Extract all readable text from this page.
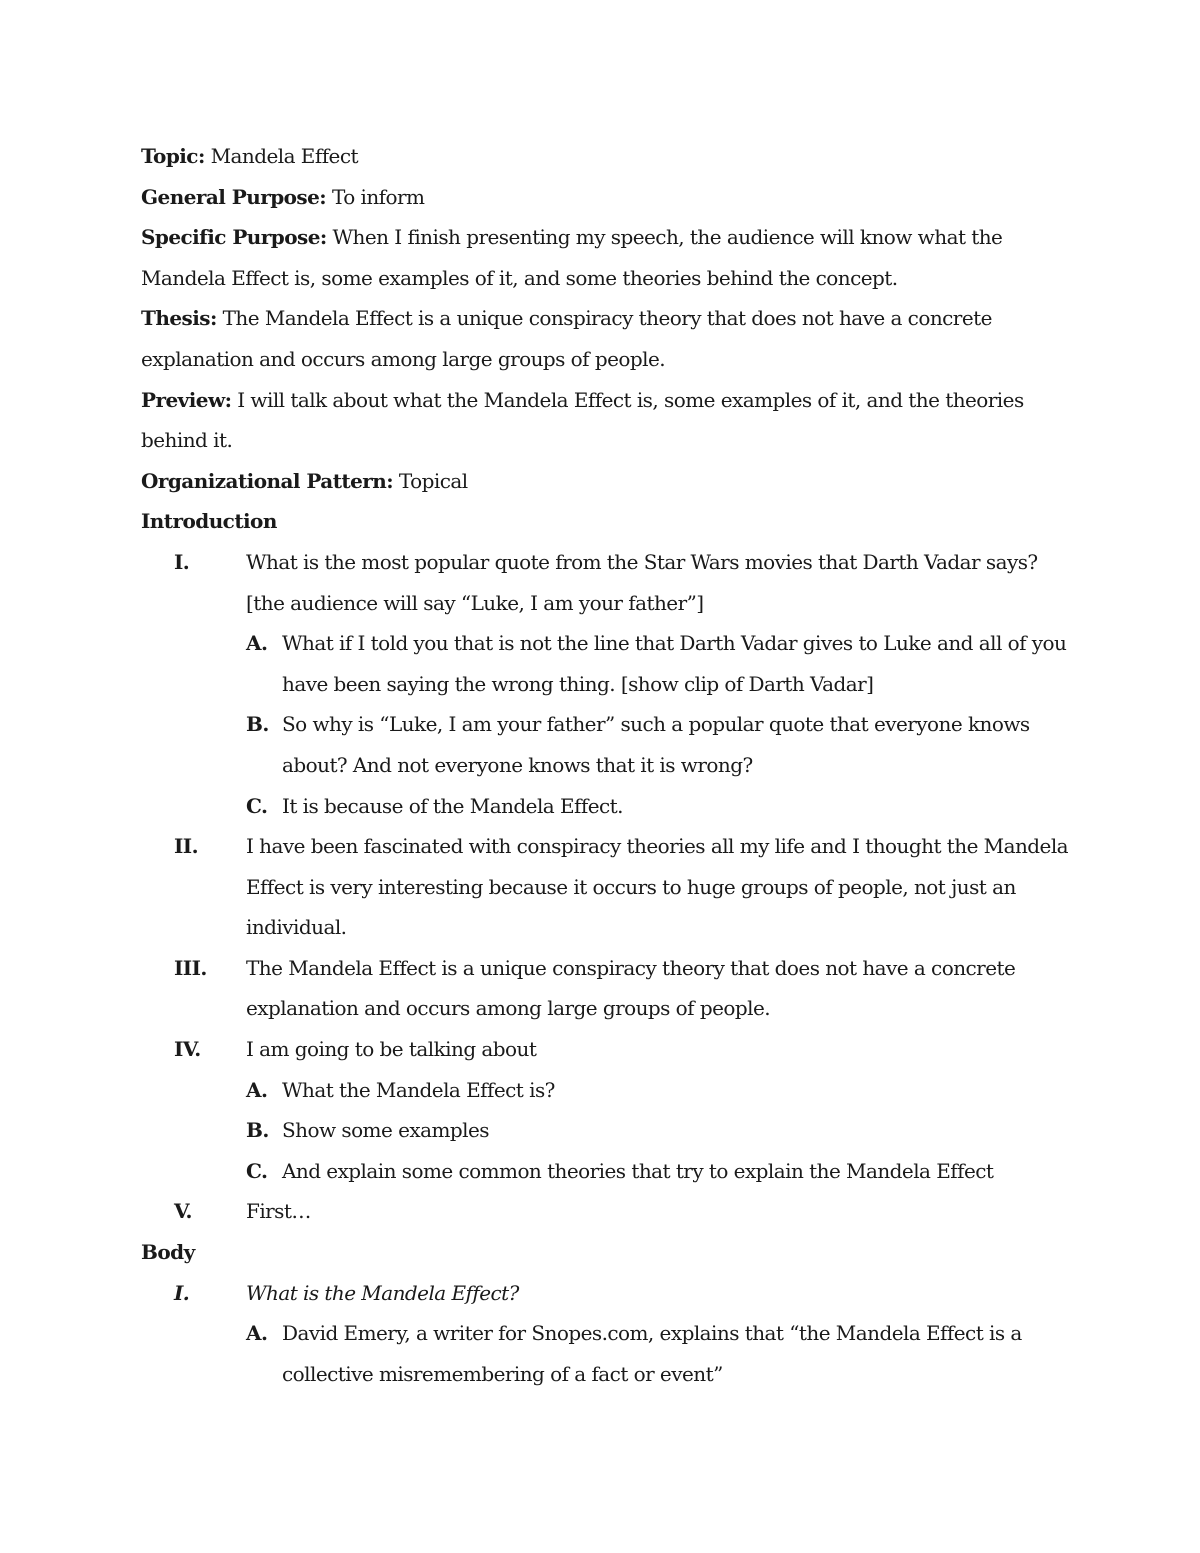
Topic: Mandela Effect
General Purpose: To inform
Specific Purpose: When I finish presenting my speech, the audience will know what the
Mandela Effect is, some examples of it, and some theories behind the concept.
Thesis: The Mandela Effect is a unique conspiracy theory that does not have a concrete
explanation and occurs among large groups of people.
Preview: I will talk about what the Mandela Effect is, some examples of it, and the theories
behind it.
Organizational Pattern: Topical
Introduction
I.	What is the most popular quote from the Star Wars movies that Darth Vadar says?
[the audience will say “Luke, I am your father”]
A. What if I told you that is not the line that Darth Vadar gives to Luke and all of you
have been saying the wrong thing. [show clip of Darth Vadar]
B. So why is “Luke, I am your father” such a popular quote that everyone knows
about? And not everyone knows that it is wrong?
C. It is because of the Mandela Effect.
II. I have been fascinated with conspiracy theories all my life and I thought the Mandela
Effect is very interesting because it occurs to huge groups of people, not just an
individual.
III. The Mandela Effect is a unique conspiracy theory that does not have a concrete
explanation and occurs among large groups of people.
IV. I am going to be talking about
A. What the Mandela Effect is?
B. Show some examples
C. And explain some common theories that try to explain the Mandela Effect
V.	First…
Body
I.	What is the Mandela Effect?
A. David Emery, a writer for Snopes.com, explains that “the Mandela Effect is a
collective misremembering of a fact or event”
